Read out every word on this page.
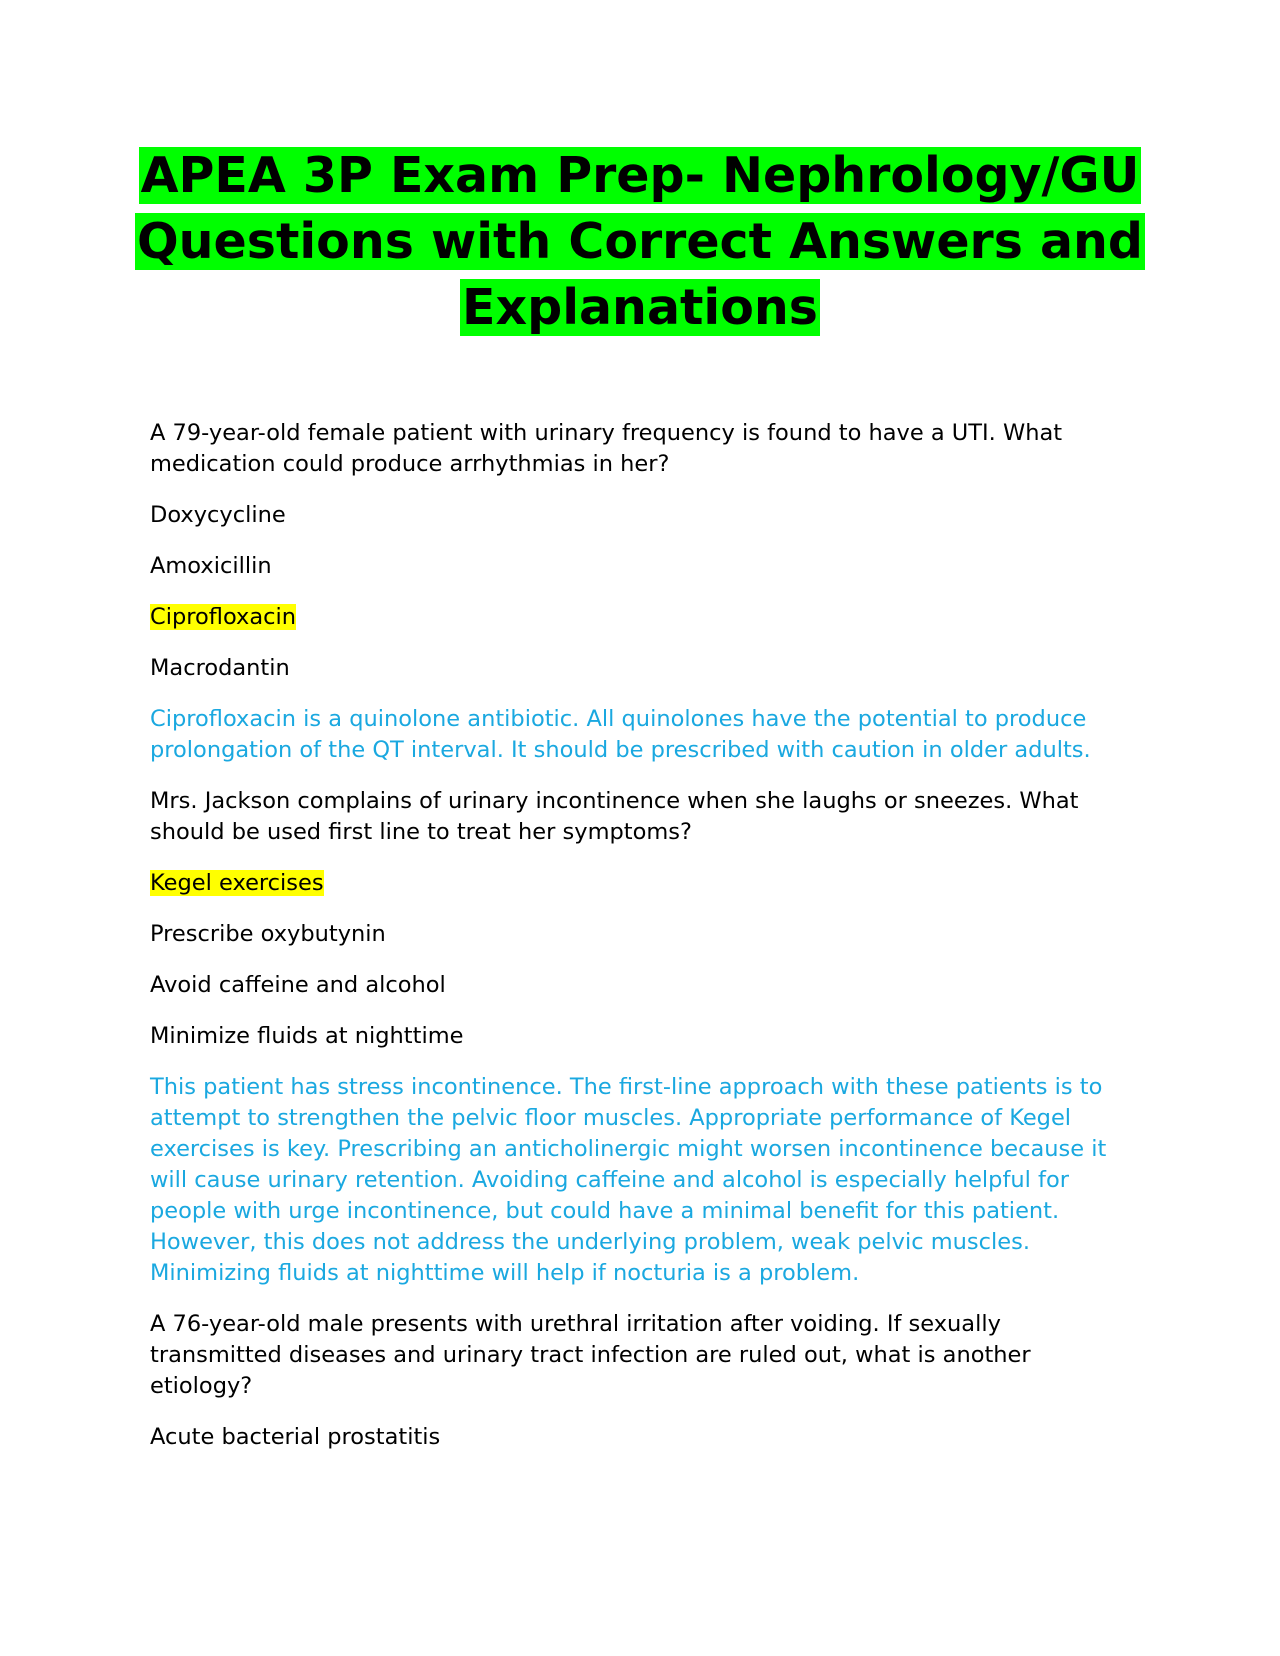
APEA 3P Exam Prep- Nephrology/GU Questions with Correct Answers and Explanations

A 79-year-old female patient with urinary frequency is found to have a UTI. What medication could produce arrhythmias in her?

Doxycycline

Amoxicillin

Ciprofloxacin

Macrodantin

Ciprofloxacin is a quinolone antibiotic. All quinolones have the potential to produce prolongation of the QT interval. It should be prescribed with caution in older adults.

Mrs. Jackson complains of urinary incontinence when she laughs or sneezes. What should be used first line to treat her symptoms?

Kegel exercises

Prescribe oxybutynin

Avoid caffeine and alcohol

Minimize fluids at nighttime

This patient has stress incontinence. The first-line approach with these patients is to attempt to strengthen the pelvic floor muscles. Appropriate performance of Kegel exercises is key. Prescribing an anticholinergic might worsen incontinence because it will cause urinary retention. Avoiding caffeine and alcohol is especially helpful for people with urge incontinence, but could have a minimal benefit for this patient. However, this does not address the underlying problem, weak pelvic muscles. Minimizing fluids at nighttime will help if nocturia is a problem.

A 76-year-old male presents with urethral irritation after voiding. If sexually transmitted diseases and urinary tract infection are ruled out, what is another etiology?

Acute bacterial prostatitis
